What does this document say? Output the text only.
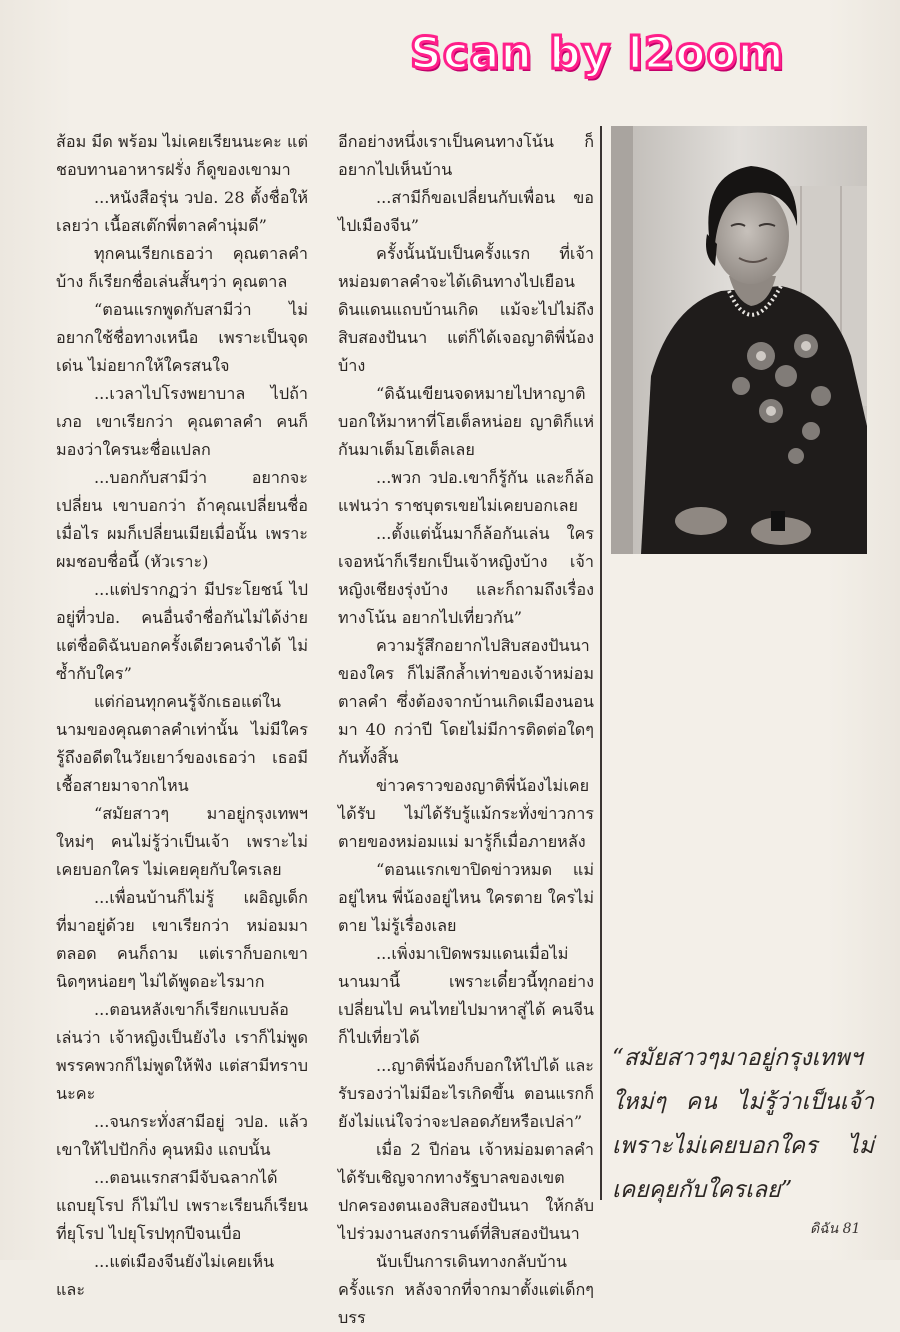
Scan by l2oom

ส้อม มีด พร้อม ไม่เคยเรียนนะคะ แต่ชอบทานอาหารฝรั่ง ก็ดูของเขามา

...หนังสือรุ่น วปอ. 28 ตั้งชื่อให้เลยว่า เนื้อสเต๊กพี่ตาลคำนุ่มดี”

ทุกคนเรียกเธอว่า คุณตาลคำ บ้าง ก็เรียกชื่อเล่นสั้นๆว่า คุณตาล

“ตอนแรกพูดกับสามีว่า ไม่อยากใช้ชื่อทางเหนือ เพราะเป็นจุดเด่น ไม่อยากให้ใครสนใจ

...เวลาไปโรงพยาบาล ไปถ้าเภอ เขาเรียกว่า คุณตาลคำ คนก็มองว่าใครนะชื่อแปลก

...บอกกับสามีว่า อยากจะเปลี่ยน เขาบอกว่า ถ้าคุณเปลี่ยนชื่อเมื่อไร ผมก็เปลี่ยนเมียเมื่อนั้น เพราะผมชอบชื่อนี้ (หัวเราะ)

...แต่ปรากฏว่า มีประโยชน์ ไปอยู่ที่วปอ. คนอื่นจำชื่อกันไม่ได้ง่าย แต่ชื่อดิฉันบอกครั้งเดียวคนจำได้ ไม่ซ้ำกับใคร”

แต่ก่อนทุกคนรู้จักเธอแต่ในนามของคุณตาลคำเท่านั้น ไม่มีใครรู้ถึงอดีตในวัยเยาว์ของเธอว่า เธอมีเชื้อสายมาจากไหน

“สมัยสาวๆ มาอยู่กรุงเทพฯ ใหม่ๆ คนไม่รู้ว่าเป็นเจ้า เพราะไม่เคยบอกใคร ไม่เคยคุยกับใครเลย

...เพื่อนบ้านก็ไม่รู้ เผอิญเด็กที่มาอยู่ด้วย เขาเรียกว่า หม่อมมาตลอด คนก็ถาม แต่เราก็บอกเขานิดๆหน่อยๆ ไม่ได้พูดอะไรมาก

...ตอนหลังเขาก็เรียกแบบล้อเล่นว่า เจ้าหญิงเป็นยังไง เราก็ไม่พูด พรรคพวกก็ไม่พูดให้ฟัง แต่สามีทราบนะคะ

...จนกระทั่งสามีอยู่ วปอ. แล้ว เขาให้ไปปักกิ่ง คุนหมิง แถบนั้น

...ตอนแรกสามีจับฉลากได้แถบยุโรป ก็ไม่ไป เพราะเรียนก็เรียนที่ยุโรป ไปยุโรปทุกปีจนเบื่อ

...แต่เมืองจีนยังไม่เคยเห็น และ

อีกอย่างหนึ่งเราเป็นคนทางโน้น ก็อยากไปเห็นบ้าน

...สามีก็ขอเปลี่ยนกับเพื่อน ขอไปเมืองจีน”

ครั้งนั้นนับเป็นครั้งแรก ที่เจ้าหม่อมตาลคำจะได้เดินทางไปเยือนดินแดนแถบบ้านเกิด แม้จะไปไม่ถึงสิบสองปันนา แต่ก็ได้เจอญาติพี่น้องบ้าง

“ดิฉันเขียนจดหมายไปหาญาติบอกให้มาหาที่โฮเต็ลหน่อย ญาติก็แห่กันมาเต็มโฮเต็ลเลย

...พวก วปอ.เขาก็รู้กัน และก็ล้อแฟนว่า ราชบุตรเขยไม่เคยบอกเลย

...ตั้งแต่นั้นมาก็ล้อกันเล่น ใครเจอหน้าก็เรียกเป็นเจ้าหญิงบ้าง เจ้าหญิงเชียงรุ่งบ้าง และก็ถามถึงเรื่องทางโน้น อยากไปเที่ยวกัน”

ความรู้สึกอยากไปสิบสองปันนาของใคร ก็ไม่ลึกล้ำเท่าของเจ้าหม่อมตาลคำ ซึ่งต้องจากบ้านเกิดเมืองนอนมา 40 กว่าปี โดยไม่มีการติดต่อใดๆกันทั้งสิ้น

ข่าวคราวของญาติพี่น้องไม่เคยได้รับ ไม่ได้รับรู้แม้กระทั่งข่าวการตายของหม่อมแม่ มารู้ก็เมื่อภายหลัง

“ตอนแรกเขาปิดข่าวหมด แม่อยู่ไหน พี่น้องอยู่ไหน ใครตาย ใครไม่ตาย ไม่รู้เรื่องเลย

...เพิ่งมาเปิดพรมแดนเมื่อไม่นานมานี้ เพราะเดี๋ยวนี้ทุกอย่างเปลี่ยนไป คนไทยไปมาหาสู่ได้ คนจีนก็ไปเที่ยวได้

...ญาติพี่น้องก็บอกให้ไปได้ และรับรองว่าไม่มีอะไรเกิดขึ้น ตอนแรกก็ยังไม่แน่ใจว่าจะปลอดภัยหรือเปล่า”

เมื่อ 2 ปีก่อน เจ้าหม่อมตาลคำได้รับเชิญจากทางรัฐบาลของเขตปกครองตนเองสิบสองปันนา ให้กลับไปร่วมงานสงกรานต์ที่สิบสองปันนา

นับเป็นการเดินทางกลับบ้านครั้งแรก หลังจากที่จากมาตั้งแต่เด็กๆ บรร

“สมัยสาวๆมาอยู่กรุงเทพฯ ใหม่ๆ คน ไม่รู้ว่าเป็นเจ้า เพราะไม่เคยบอกใคร ไม่เคยคุยกับใครเลย”

ดิฉัน 81
